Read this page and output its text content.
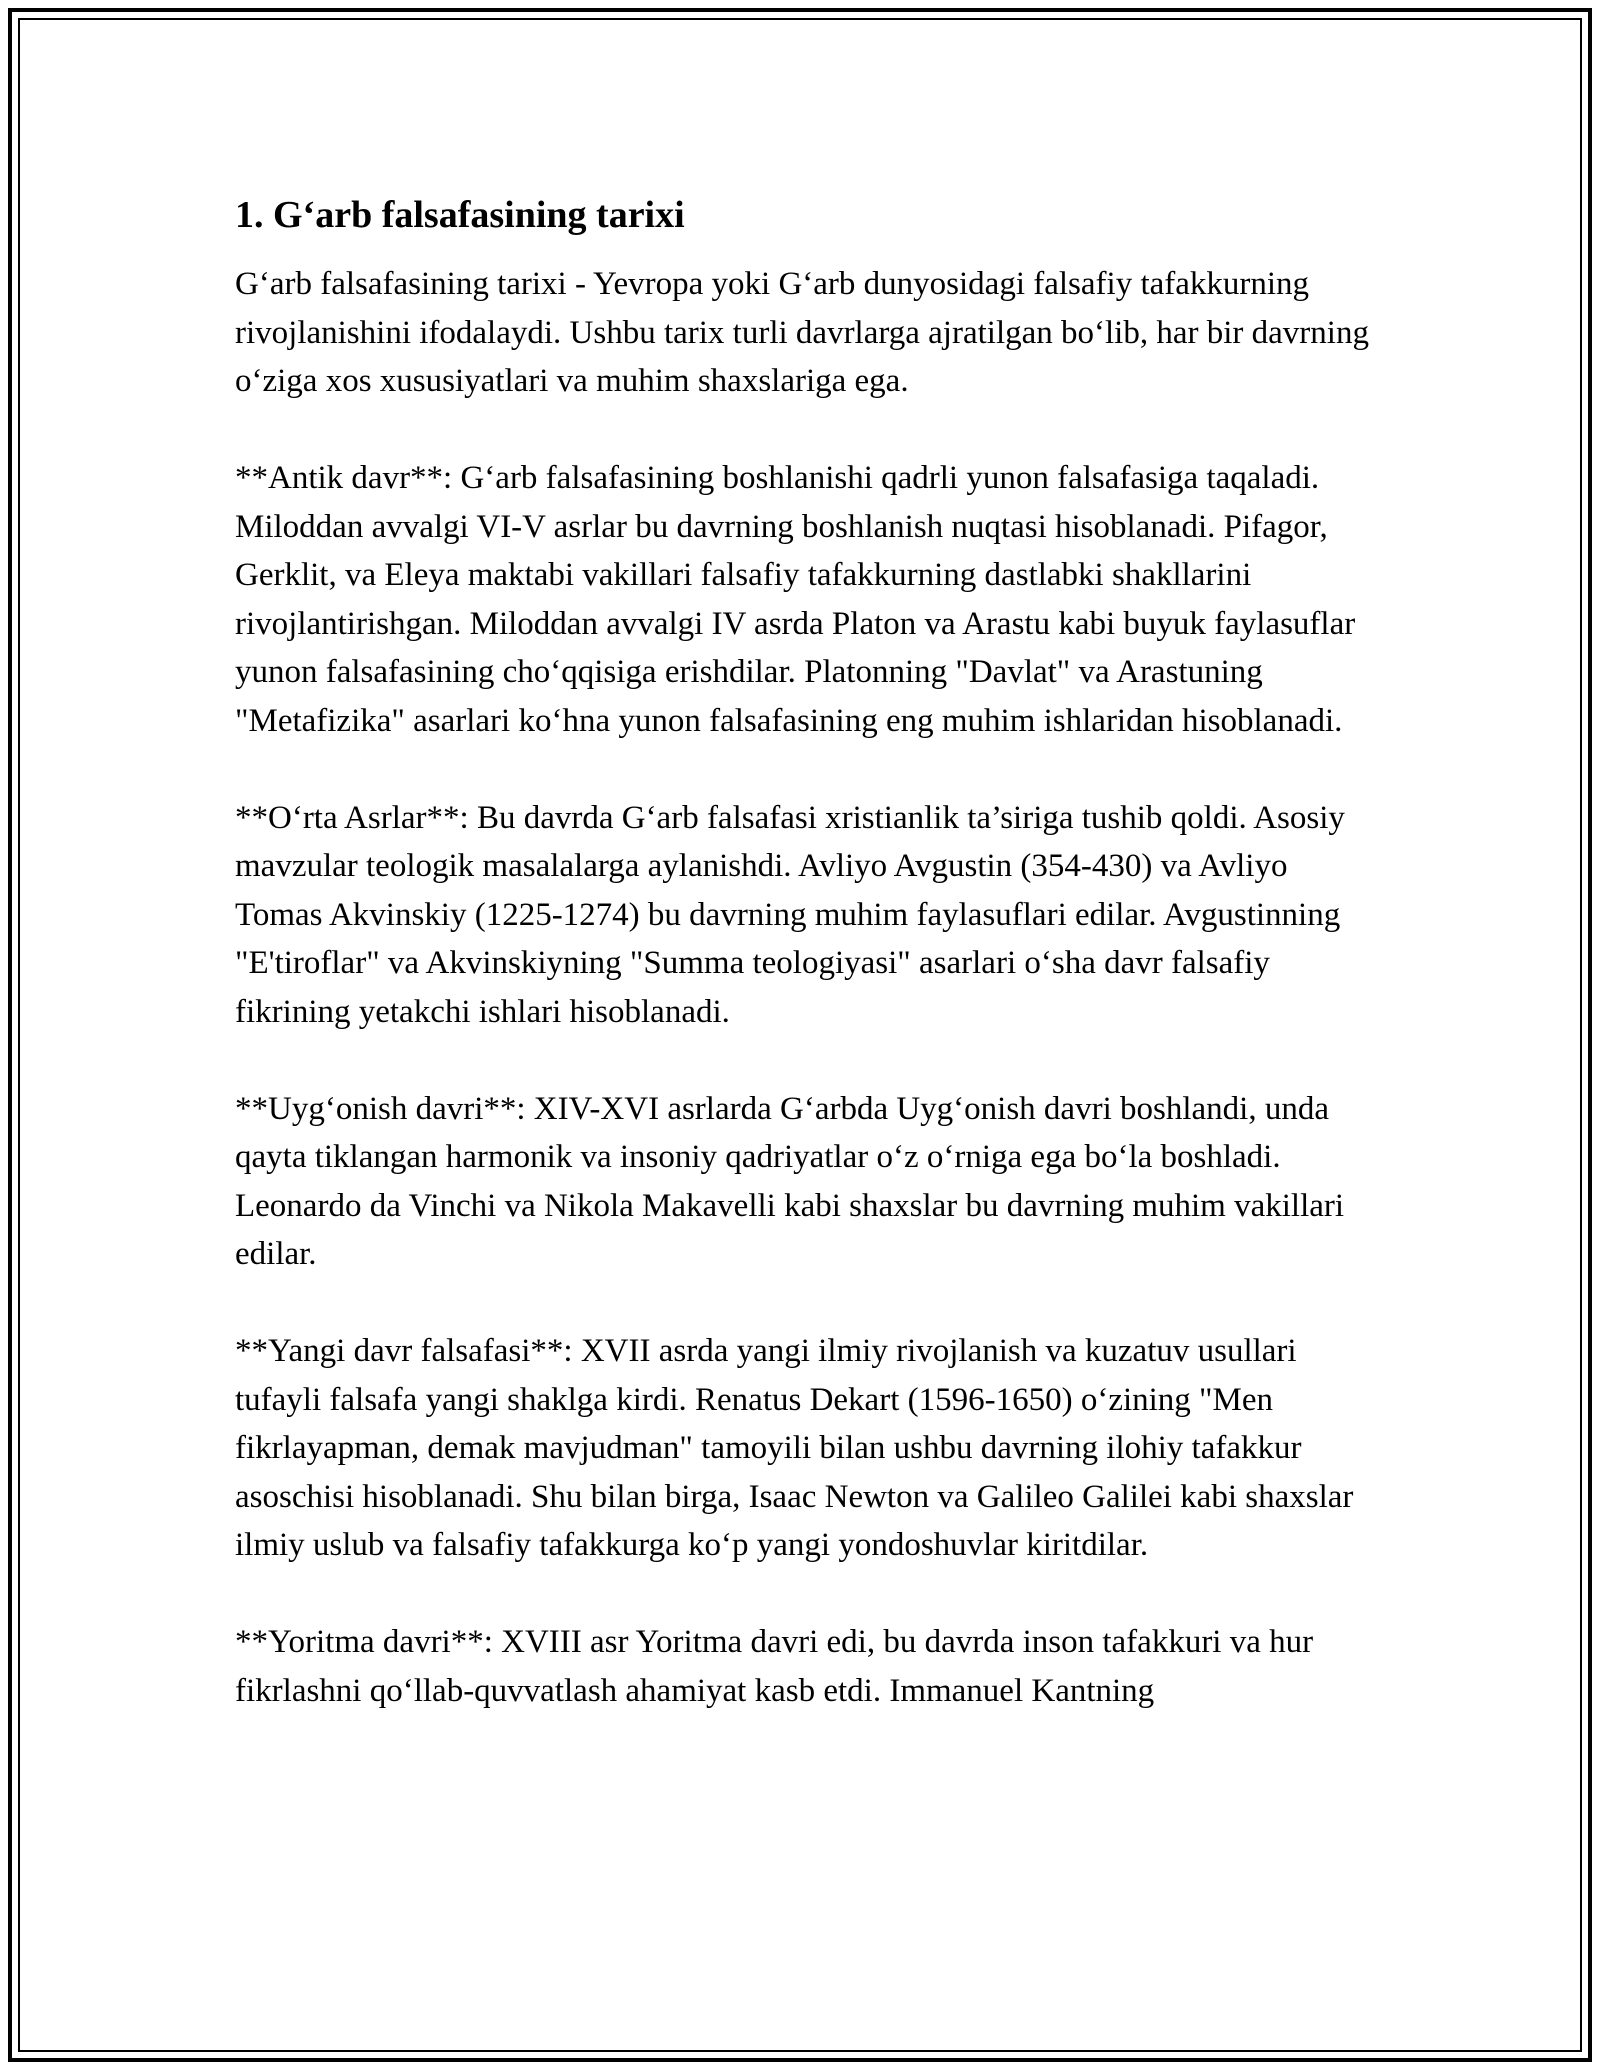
1. G‘arb falsafasining tarixi

G‘arb falsafasining tarixi - Yevropa yoki G‘arb dunyosidagi falsafiy tafakkurning rivojlanishini ifodalaydi. Ushbu tarix turli davrlarga ajratilgan bo‘lib, har bir davrning o‘ziga xos xususiyatlari va muhim shaxslariga ega.

**Antik davr**: G‘arb falsafasining boshlanishi qadrli yunon falsafasiga taqaladi. Miloddan avvalgi VI-V asrlar bu davrning boshlanish nuqtasi hisoblanadi. Pifagor, Gerklit, va Eleya maktabi vakillari falsafiy tafakkurning dastlabki shakllarini rivojlantirishgan. Miloddan avvalgi IV asrda Platon va Arastu kabi buyuk faylasuflar yunon falsafasining cho‘qqisiga erishdilar. Platonning "Davlat" va Arastuning "Metafizika" asarlari ko‘hna yunon falsafasining eng muhim ishlaridan hisoblanadi.

**O‘rta Asrlar**: Bu davrda G‘arb falsafasi xristianlik ta’siriga tushib qoldi. Asosiy mavzular teologik masalalarga aylanishdi. Avliyo Avgustin (354-430) va Avliyo Tomas Akvinskiy (1225-1274) bu davrning muhim faylasuflari edilar. Avgustinning "E'tiroflar" va Akvinskiyning "Summa teologiyasi" asarlari o‘sha davr falsafiy fikrining yetakchi ishlari hisoblanadi.

**Uyg‘onish davri**: XIV-XVI asrlarda G‘arbda Uyg‘onish davri boshlandi, unda qayta tiklangan harmonik va insoniy qadriyatlar o‘z o‘rniga ega bo‘la boshladi. Leonardo da Vinchi va Nikola Makavelli kabi shaxslar bu davrning muhim vakillari edilar.

**Yangi davr falsafasi**: XVII asrda yangi ilmiy rivojlanish va kuzatuv usullari tufayli falsafa yangi shaklga kirdi. Renatus Dekart (1596-1650) o‘zining "Men fikrlayapman, demak mavjudman" tamoyili bilan ushbu davrning ilohiy tafakkur asoschisi hisoblanadi. Shu bilan birga, Isaac Newton va Galileo Galilei kabi shaxslar ilmiy uslub va falsafiy tafakkurga ko‘p yangi yondoshuvlar kiritdilar.

**Yoritma davri**: XVIII asr Yoritma davri edi, bu davrda inson tafakkuri va hur fikrlashni qo‘llab-quvvatlash ahamiyat kasb etdi. Immanuel Kantning
